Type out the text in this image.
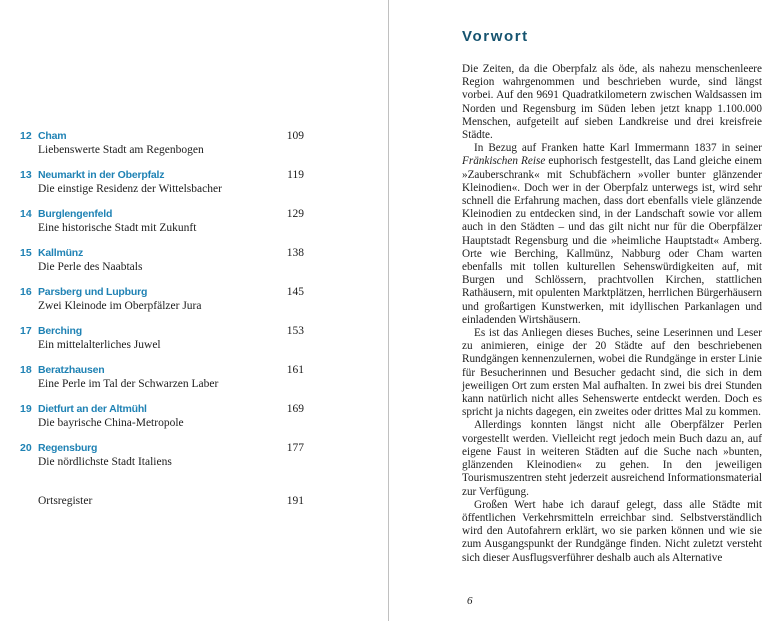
12 Cham	109
Liebenswerte Stadt am Regenbogen
13 Neumarkt in der Oberpfalz	119
Die einstige Residenz der Wittelsbacher
14 Burglengenfeld	129
Eine historische Stadt mit Zukunft
15 Kallmünz	138
Die Perle des Naabtals
16 Parsberg und Lupburg	145
Zwei Kleinode im Oberpfälzer Jura
17 Berching	153
Ein mittelalterliches Juwel
18 Beratzhausen	161
Eine Perle im Tal der Schwarzen Laber
19 Dietfurt an der Altmühl	169
Die bayrische China-Metropole
20 Regensburg	177
Die nördlichste Stadt Italiens
Ortsregister	191
Vorwort

Die Zeiten, da die Oberpfalz als öde, als nahezu menschenleere Region wahrgenommen und beschrieben wurde, sind längst vorbei. Auf den 9691 Quadratkilometern zwischen Waldsassen im Norden und Regensburg im Süden leben jetzt knapp 1.100.000 Menschen, aufgeteilt auf sieben Landkreise und drei kreisfreie Städte.

In Bezug auf Franken hatte Karl Immermann 1837 in seiner Fränkischen Reise euphorisch festgestellt, das Land gleiche einem »Zauberschrank« mit Schubfächern »voller bunter glänzender Kleinodien«. Doch wer in der Oberpfalz unterwegs ist, wird sehr schnell die Erfahrung machen, dass dort ebenfalls viele glänzende Kleinodien zu entdecken sind, in der Landschaft sowie vor allem auch in den Städten – und das gilt nicht nur für die Oberpfälzer Hauptstadt Regensburg und die »heimliche Hauptstadt« Amberg. Orte wie Berching, Kallmünz, Nabburg oder Cham warten ebenfalls mit tollen kulturellen Sehenswürdigkeiten auf, mit Burgen und Schlössern, prachtvollen Kirchen, stattlichen Rathäusern, mit opulenten Marktplätzen, herrlichen Bürgerhäusern und großartigen Kunstwerken, mit idyllischen Parkanlagen und einladenden Wirtshäusern.

Es ist das Anliegen dieses Buches, seine Leserinnen und Leser zu animieren, einige der 20 Städte auf den beschriebenen Rundgängen kennenzulernen, wobei die Rundgänge in erster Linie für Besucherinnen und Besucher gedacht sind, die sich in dem jeweiligen Ort zum ersten Mal aufhalten. In zwei bis drei Stunden kann natürlich nicht alles Sehenswerte entdeckt werden. Doch es spricht ja nichts dagegen, ein zweites oder drittes Mal zu kommen.

Allerdings konnten längst nicht alle Oberpfälzer Perlen vorgestellt werden. Vielleicht regt jedoch mein Buch dazu an, auf eigene Faust in weiteren Städten auf die Suche nach »bunten, glänzenden Kleinodien« zu gehen. In den jeweiligen Tourismuszentren steht jederzeit ausreichend Informationsmaterial zur Verfügung.

Großen Wert habe ich darauf gelegt, dass alle Städte mit öffentlichen Verkehrsmitteln erreichbar sind. Selbstverständlich wird den Autofahrern erklärt, wo sie parken können und wie sie zum Ausgangspunkt der Rundgänge finden. Nicht zuletzt versteht sich dieser Ausflugsverführer deshalb auch als Alternative

6
